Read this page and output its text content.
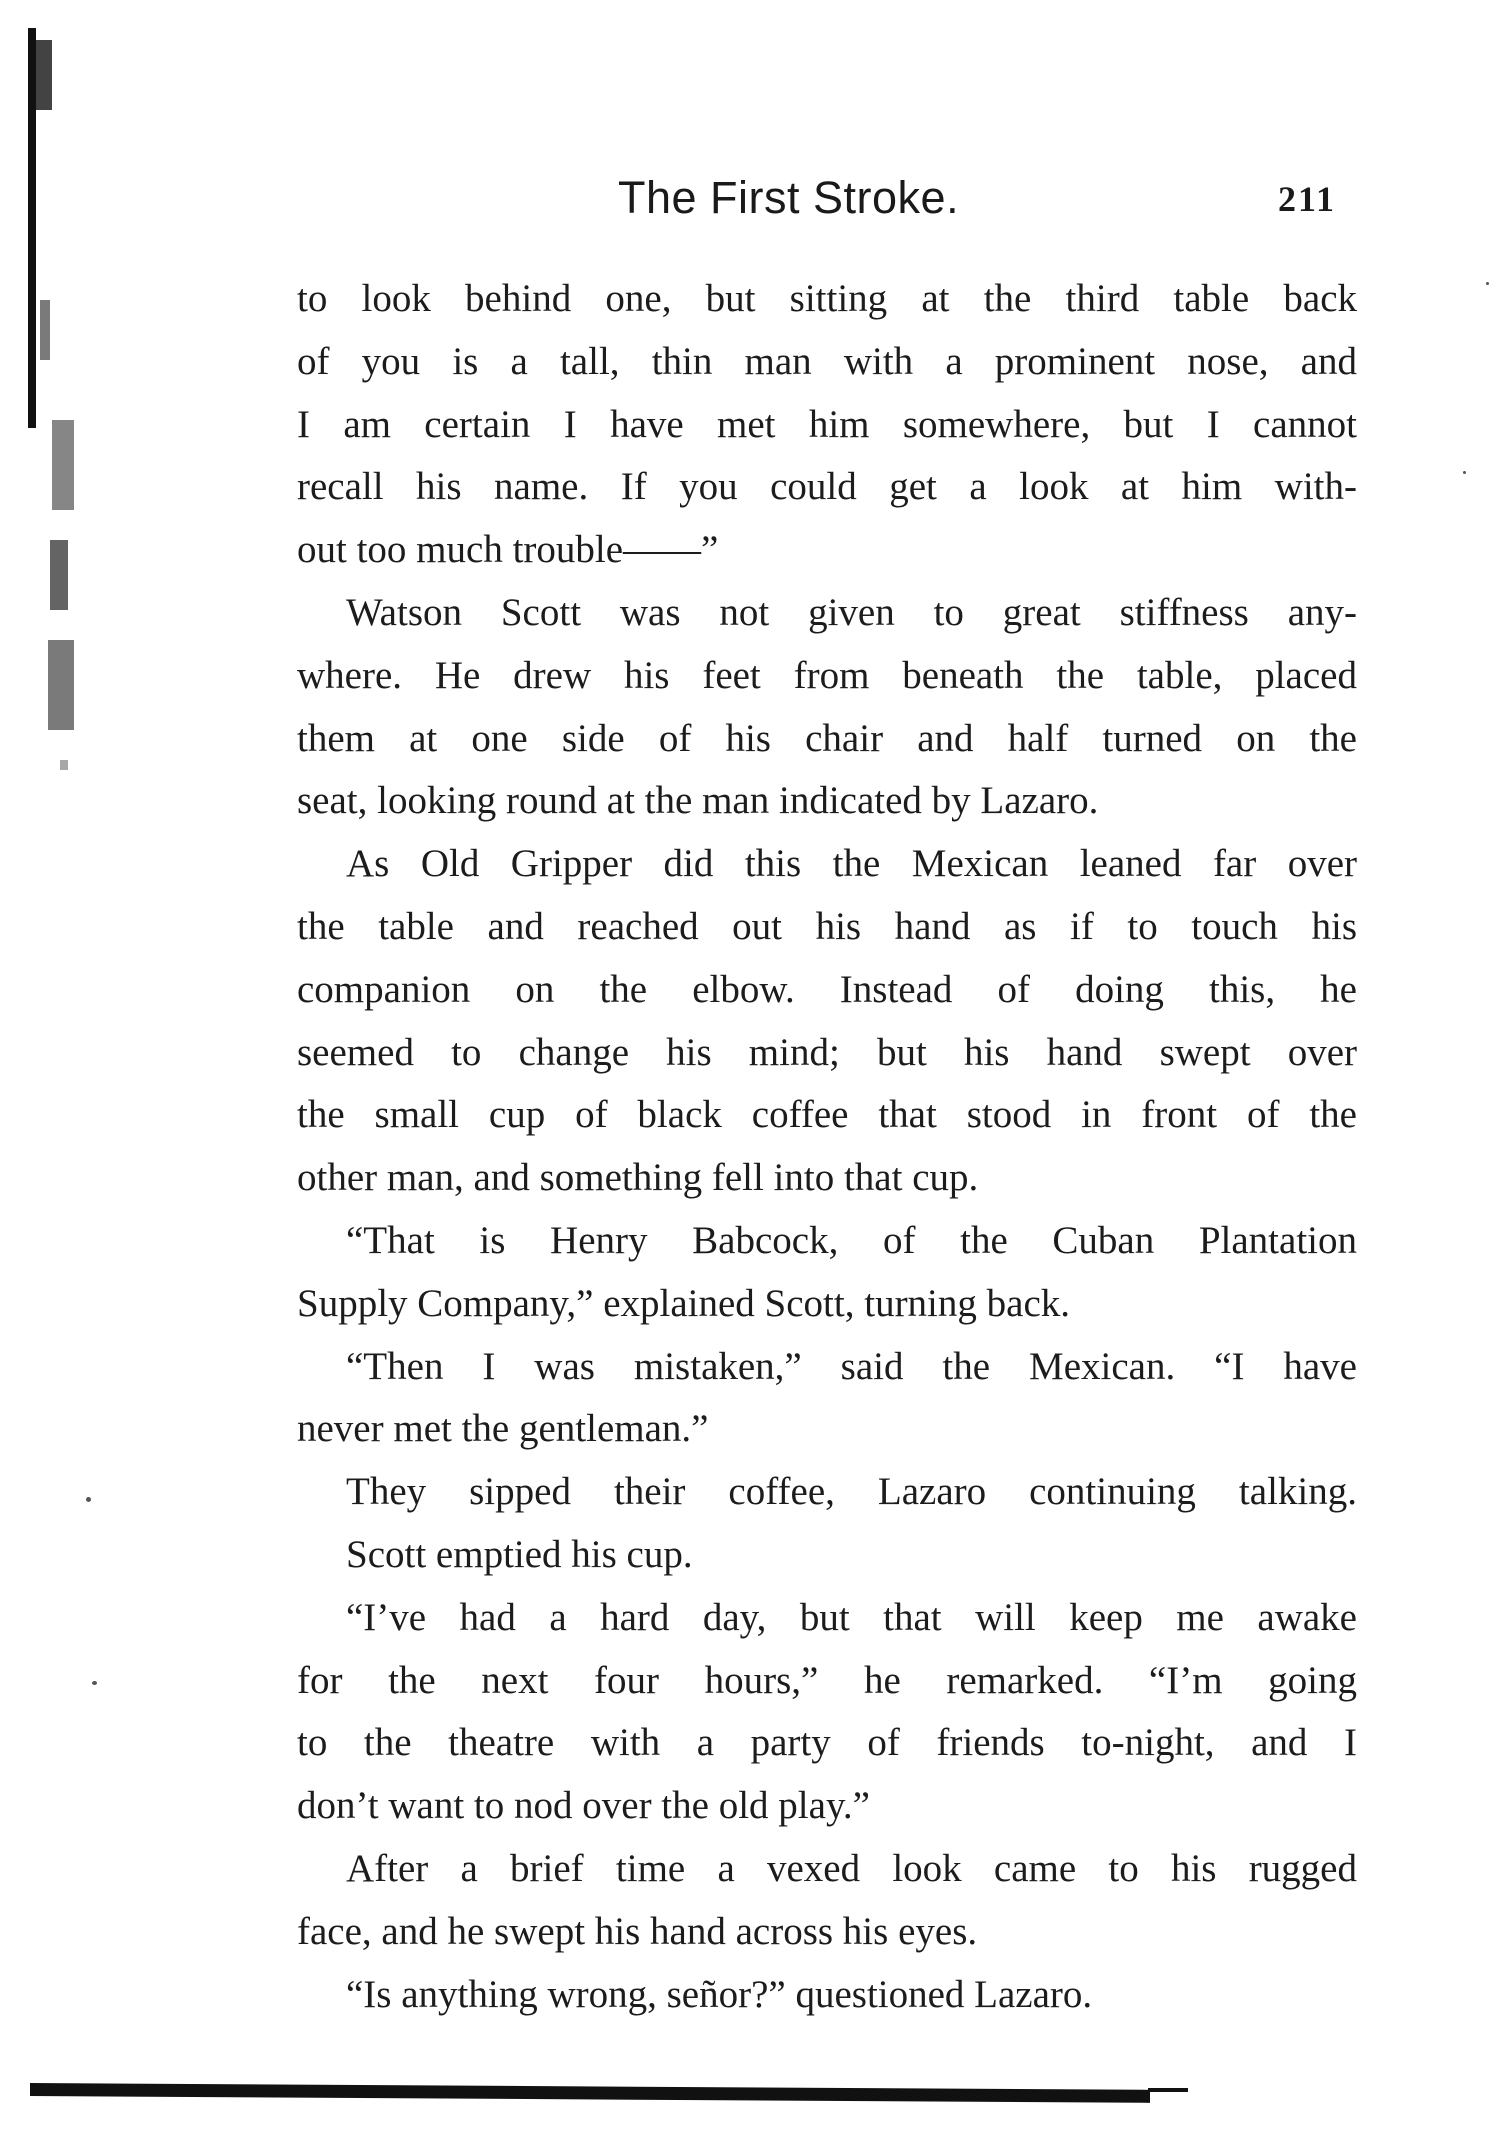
The First Stroke.	211
to look behind one, but sitting at the third table back
of you is a tall, thin man with a prominent nose, and
I am certain I have met him somewhere, but I cannot
recall his name. If you could get a look at him with-
out too much trouble——”
Watson Scott was not given to great stiffness any-
where. He drew his feet from beneath the table, placed
them at one side of his chair and half turned on the
seat, looking round at the man indicated by Lazaro.
As Old Gripper did this the Mexican leaned far over
the table and reached out his hand as if to touch his
companion on the elbow. Instead of doing this, he
seemed to change his mind; but his hand swept over
the small cup of black coffee that stood in front of the
other man, and something fell into that cup.
“That is Henry Babcock, of the Cuban Plantation
Supply Company,” explained Scott, turning back.
“Then I was mistaken,” said the Mexican. “I have
never met the gentleman.”
They sipped their coffee, Lazaro continuing talking.
Scott emptied his cup.
“I’ve had a hard day, but that will keep me awake
for the next four hours,” he remarked. “I’m going
to the theatre with a party of friends to-night, and I
don’t want to nod over the old play.”
After a brief time a vexed look came to his rugged
face, and he swept his hand across his eyes.
“Is anything wrong, señor?” questioned Lazaro.
